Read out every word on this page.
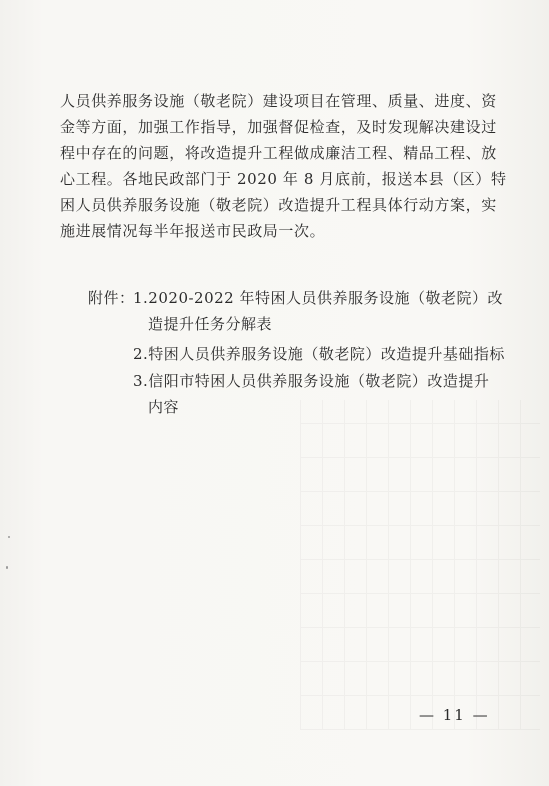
人员供养服务设施（敬老院）建设项目在管理、质量、进度、资
金等方面，加强工作指导，加强督促检查，及时发现解决建设过
程中存在的问题，将改造提升工程做成廉洁工程、精品工程、放
心工程。各地民政部门于 2020 年 8 月底前，报送本县（区）特
困人员供养服务设施（敬老院）改造提升工程具体行动方案，实
施进展情况每半年报送市民政局一次。
附件：
1.2020-2022 年特困人员供养服务设施（敬老院）改
造提升任务分解表
2.特困人员供养服务设施（敬老院）改造提升基础指标
3.信阳市特困人员供养服务设施（敬老院）改造提升
内容
— 11 —
